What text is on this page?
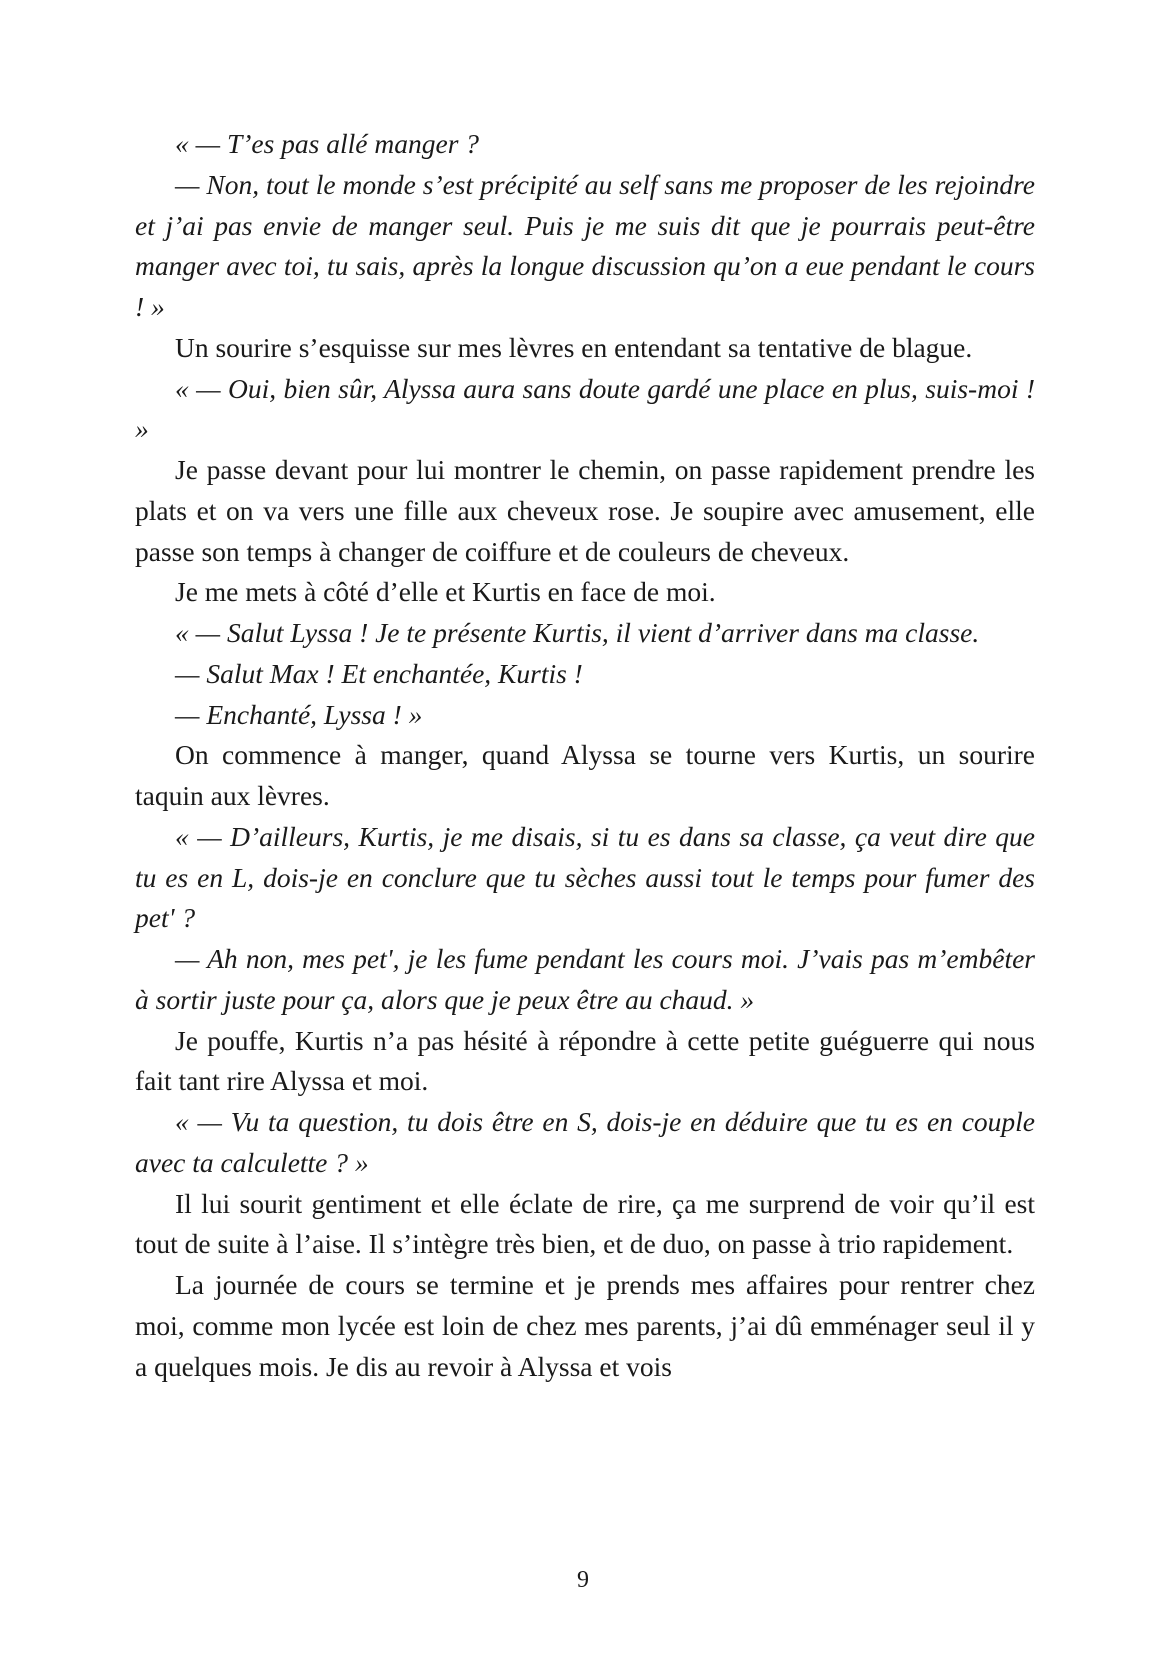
« — T’es pas allé manger ?

— Non, tout le monde s’est précipité au self sans me proposer de les rejoindre et j’ai pas envie de manger seul. Puis je me suis dit que je pourrais peut-être manger avec toi, tu sais, après la longue discussion qu’on a eue pendant le cours ! »

Un sourire s’esquisse sur mes lèvres en entendant sa tentative de blague.

« — Oui, bien sûr, Alyssa aura sans doute gardé une place en plus, suis-moi ! »

Je passe devant pour lui montrer le chemin, on passe rapidement prendre les plats et on va vers une fille aux cheveux rose. Je soupire avec amusement, elle passe son temps à changer de coiffure et de couleurs de cheveux.

Je me mets à côté d’elle et Kurtis en face de moi.

« — Salut Lyssa ! Je te présente Kurtis, il vient d’arriver dans ma classe.

— Salut Max ! Et enchantée, Kurtis !

— Enchanté, Lyssa ! »

On commence à manger, quand Alyssa se tourne vers Kurtis, un sourire taquin aux lèvres.

« — D’ailleurs, Kurtis, je me disais, si tu es dans sa classe, ça veut dire que tu es en L, dois-je en conclure que tu sèches aussi tout le temps pour fumer des pet' ?

— Ah non, mes pet', je les fume pendant les cours moi. J’vais pas m’embêter à sortir juste pour ça, alors que je peux être au chaud. »

Je pouffe, Kurtis n’a pas hésité à répondre à cette petite guéguerre qui nous fait tant rire Alyssa et moi.

« — Vu ta question, tu dois être en S, dois-je en déduire que tu es en couple avec ta calculette ? »

Il lui sourit gentiment et elle éclate de rire, ça me surprend de voir qu’il est tout de suite à l’aise. Il s’intègre très bien, et de duo, on passe à trio rapidement.

La journée de cours se termine et je prends mes affaires pour rentrer chez moi, comme mon lycée est loin de chez mes parents, j’ai dû emménager seul il y a quelques mois. Je dis au revoir à Alyssa et vois

9
